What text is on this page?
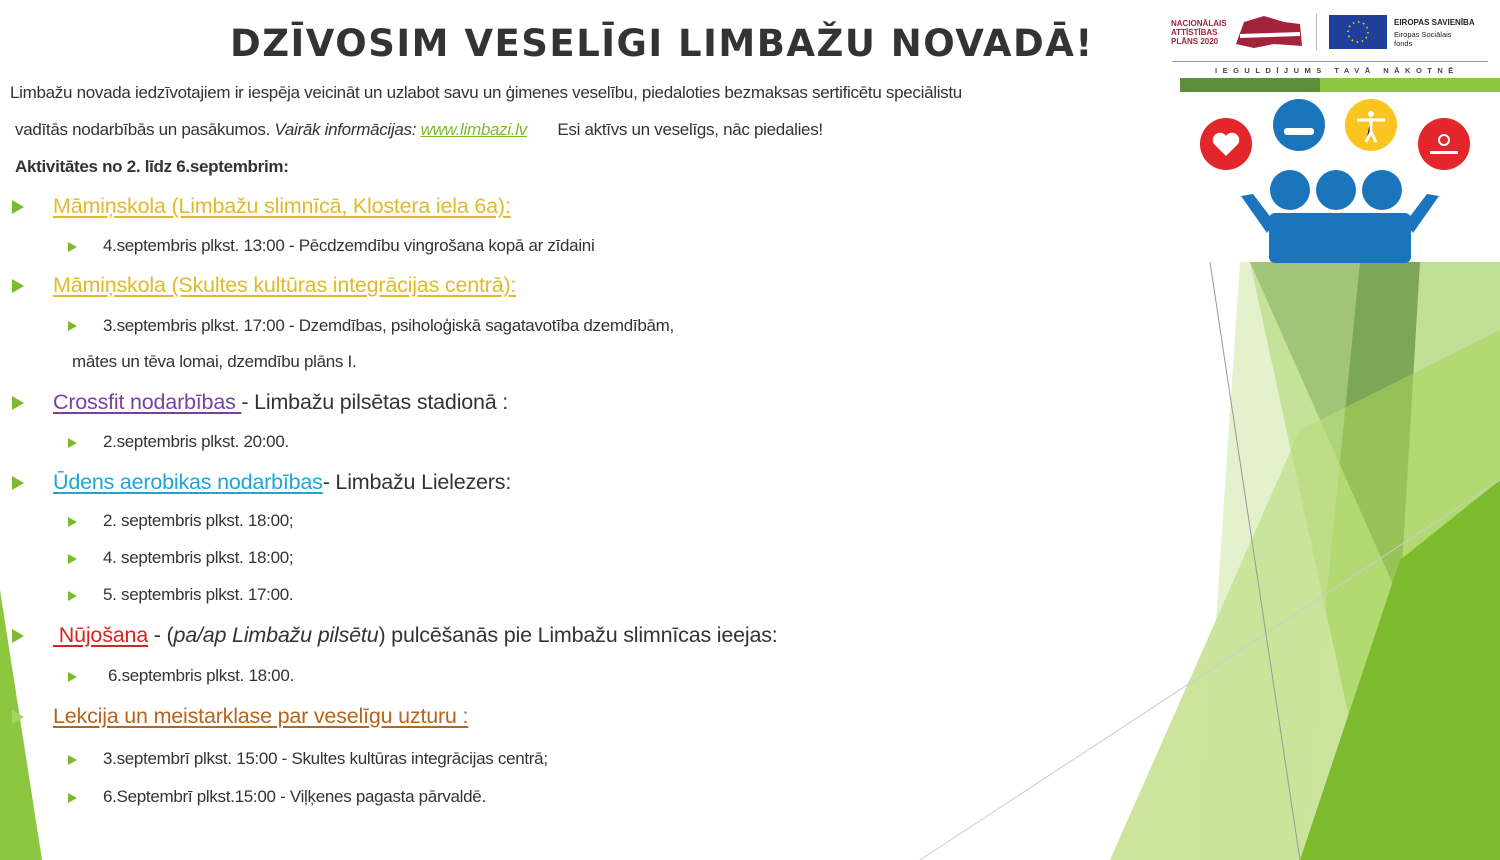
DZĪVOSIM VESELĪGI LIMBAŽU NOVADĀ!	NACIONĀLAIS ATTĪSTĪBAS PLĀNS 2020
EIROPAS SAVIENĪBA
Eiropas Sociālais fonds
IEGULDĪJUMS TAVĀ NĀKOTNĒ
Limbažu novada iedzīvotajiem ir iespēja veicināt un uzlabot savu un ģimenes veselību, piedaloties bezmaksas sertificētu speciālistu
vadītās nodarbībās un pasākumos. Vairāk informācijas: www.limbazi.lv Esi aktīvs un veselīgs, nāc piedalies!
Aktivitātes no 2. līdz 6.septembrim:
Māmiņskola (Limbažu slimnīcā, Klostera iela 6a):
4.septembris plkst. 13:00 - Pēcdzemdību vingrošana kopā ar zīdaini
Māmiņskola (Skultes kultūras integrācijas centrā):
3.septembris plkst. 17:00 - Dzemdības, psiholoģiskā sagatavotība dzemdībām,
mātes un tēva lomai, dzemdību plāns I.
Crossfit nodarbības - Limbažu pilsētas stadionā :
2.septembris plkst. 20:00.
Ūdens aerobikas nodarbības- Limbažu Lielezers:
2. septembris plkst. 18:00;
4. septembris plkst. 18:00;
5. septembris plkst. 17:00.
Nūjošana - (pa/ap Limbažu pilsētu) pulcēšanās pie Limbažu slimnīcas ieejas:
6.septembris plkst. 18:00.
Lekcija un meistarklase par veselīgu uzturu :
3.septembrī plkst. 15:00 - Skultes kultūras integrācijas centrā;
6.Septembrī plkst.15:00 - Viļķenes pagasta pārvaldē.
